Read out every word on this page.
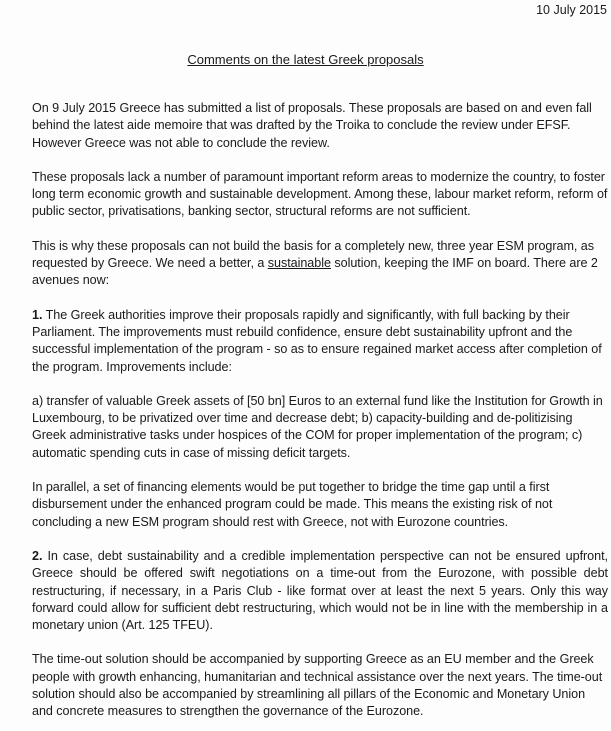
10 July 2015
Comments on the latest Greek proposals

On 9 July 2015 Greece has submitted a list of proposals. These proposals are based on and even fall behind the latest aide memoire that was drafted by the Troika to conclude the review under EFSF. However Greece was not able to conclude the review.

These proposals lack a number of paramount important reform areas to modernize the country, to foster long term economic growth and sustainable development. Among these, labour market reform, reform of public sector, privatisations, banking sector, structural reforms are not sufficient.

This is why these proposals can not build the basis for a completely new, three year ESM program, as requested by Greece. We need a better, a sustainable solution, keeping the IMF on board. There are 2 avenues now:

1. The Greek authorities improve their proposals rapidly and significantly, with full backing by their Parliament. The improvements must rebuild confidence, ensure debt sustainability upfront and the successful implementation of the program - so as to ensure regained market access after completion of the program. Improvements include:

a) transfer of valuable Greek assets of [50 bn] Euros to an external fund like the Institution for Growth in Luxembourg, to be privatized over time and decrease debt; b) capacity-building and de-politizising Greek administrative tasks under hospices of the COM for proper implementation of the program; c) automatic spending cuts in case of missing deficit targets.

In parallel, a set of financing elements would be put together to bridge the time gap until a first disbursement under the enhanced program could be made. This means the existing risk of not concluding a new ESM program should rest with Greece, not with Eurozone countries.

2. In case, debt sustainability and a credible implementation perspective can not be ensured upfront, Greece should be offered swift negotiations on a time-out from the Eurozone, with possible debt restructuring, if necessary, in a Paris Club - like format over at least the next 5 years. Only this way forward could allow for sufficient debt restructuring, which would not be in line with the membership in a monetary union (Art. 125 TFEU).

The time-out solution should be accompanied by supporting Greece as an EU member and the Greek people with growth enhancing, humanitarian and technical assistance over the next years. The time-out solution should also be accompanied by streamlining all pillars of the Economic and Monetary Union and concrete measures to strengthen the governance of the Eurozone.
